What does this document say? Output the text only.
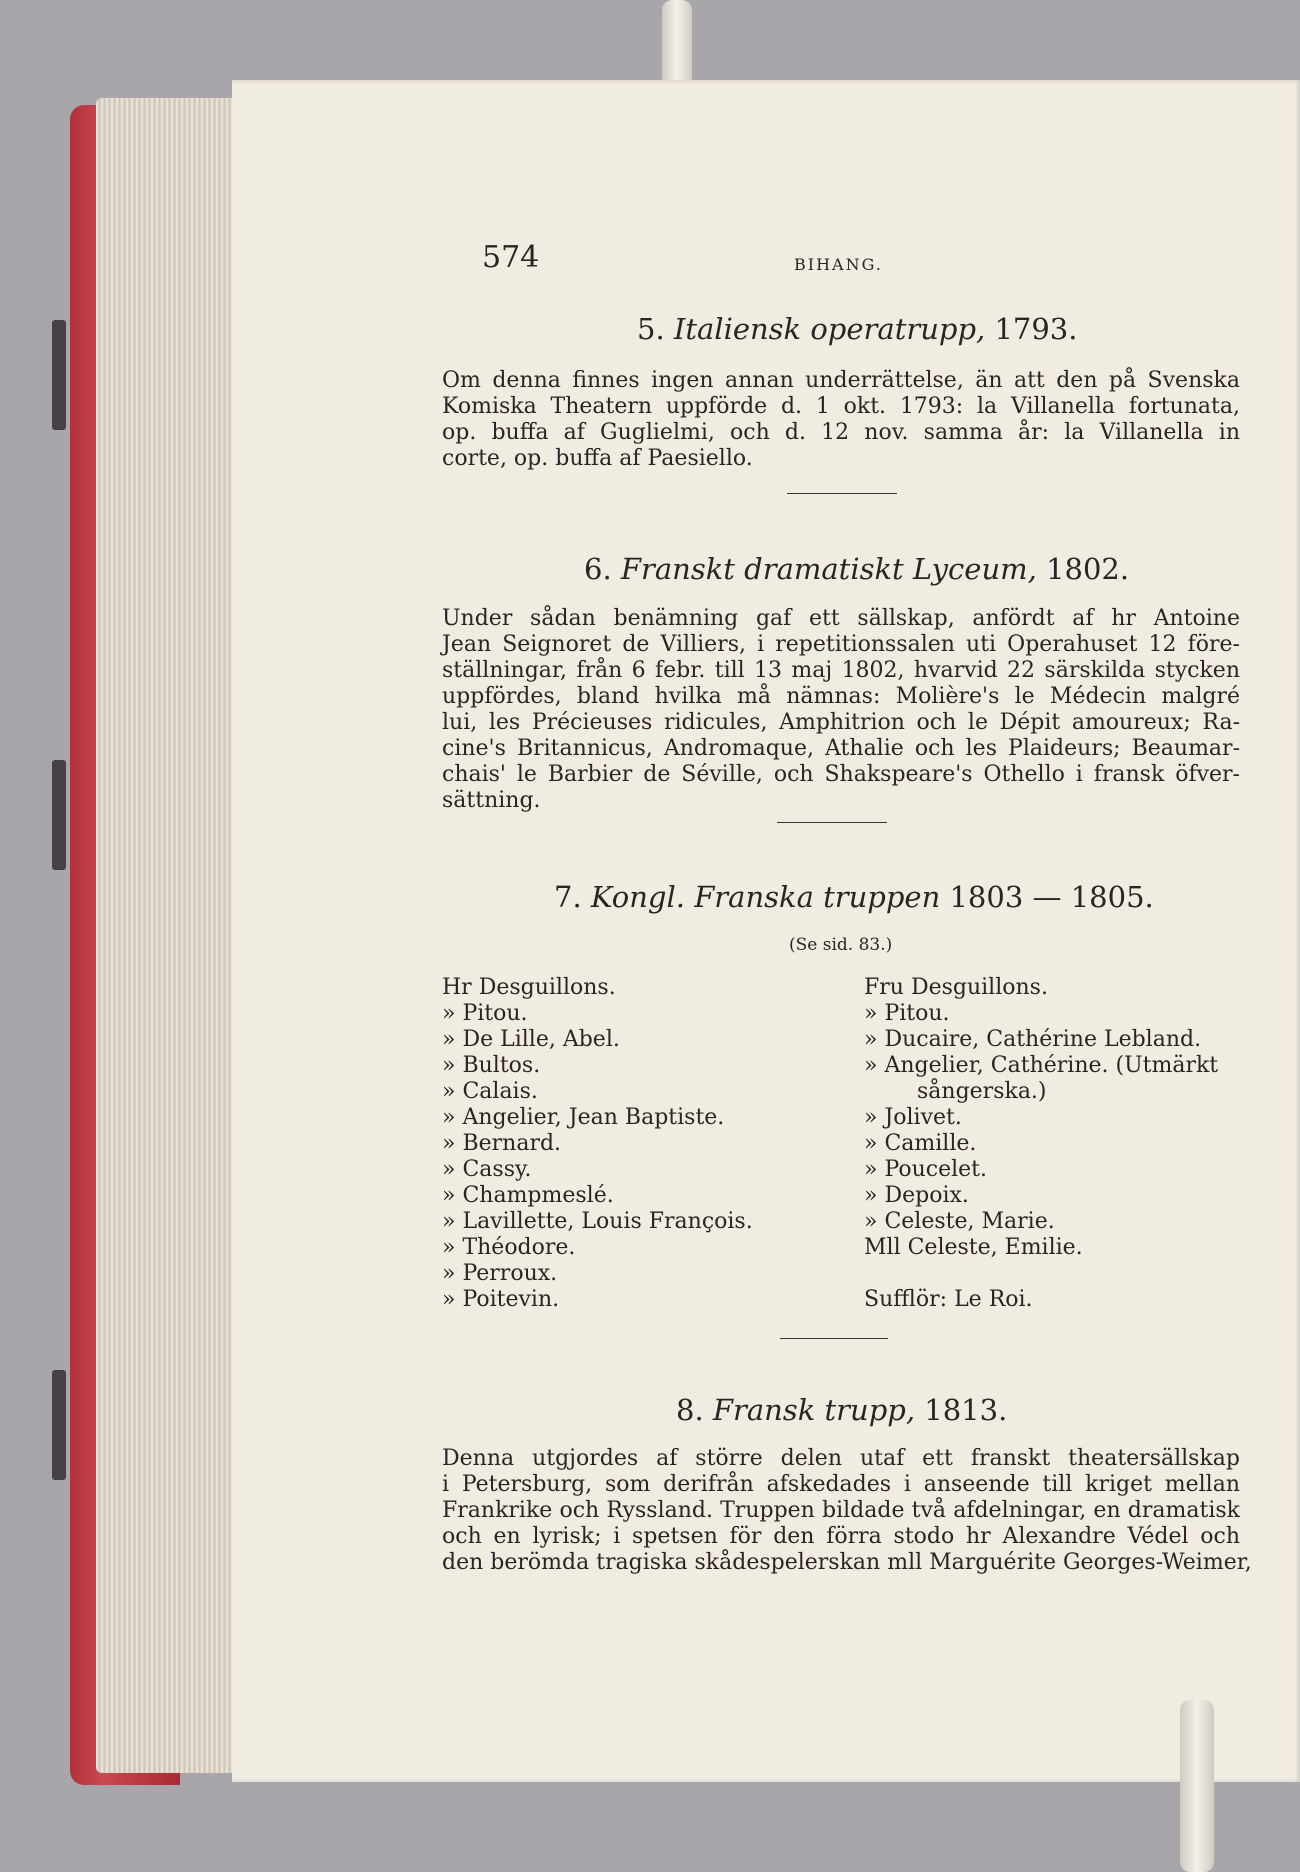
574	BIHANG.
5. Italiensk operatrupp, 1793.
Om denna finnes ingen annan underrättelse, än att den på Svenska
Komiska Theatern uppförde d. 1 okt. 1793: la Villanella fortunata,
op. buffa af Guglielmi, och d. 12 nov. samma år: la Villanella in
corte, op. buffa af Paesiello.
6. Franskt dramatiskt Lyceum, 1802.
Under sådan benämning gaf ett sällskap, anfördt af hr Antoine
Jean Seignoret de Villiers, i repetitionssalen uti Operahuset 12 före-
ställningar, från 6 febr. till 13 maj 1802, hvarvid 22 särskilda stycken
uppfördes, bland hvilka må nämnas: Molière's le Médecin malgré
lui, les Précieuses ridicules, Amphitrion och le Dépit amoureux; Ra-
cine's Britannicus, Andromaque, Athalie och les Plaideurs; Beaumar-
chais' le Barbier de Séville, och Shakspeare's Othello i fransk öfver-
sättning.
7. Kongl. Franska truppen 1803 — 1805.
(Se sid. 83.)
Hr Desguillons.
» Pitou.
» De Lille, Abel.
» Bultos.
» Calais.
» Angelier, Jean Baptiste.
» Bernard.
» Cassy.
» Champmeslé.
» Lavillette, Louis François.
» Théodore.
» Perroux.
» Poitevin.
Fru Desguillons.
» Pitou.
» Ducaire, Cathérine Lebland.
» Angelier, Cathérine. (Utmärkt
sångerska.)
» Jolivet.
» Camille.
» Poucelet.
» Depoix.
» Celeste, Marie.
Mll Celeste, Emilie.
Sufflör: Le Roi.
8. Fransk trupp, 1813.
Denna utgjordes af större delen utaf ett franskt theatersällskap
i Petersburg, som derifrån afskedades i anseende till kriget mellan
Frankrike och Ryssland. Truppen bildade två afdelningar, en dramatisk
och en lyrisk; i spetsen för den förra stodo hr Alexandre Védel och
den berömda tragiska skådespelerskan mll Marguérite Georges-Weimer,
